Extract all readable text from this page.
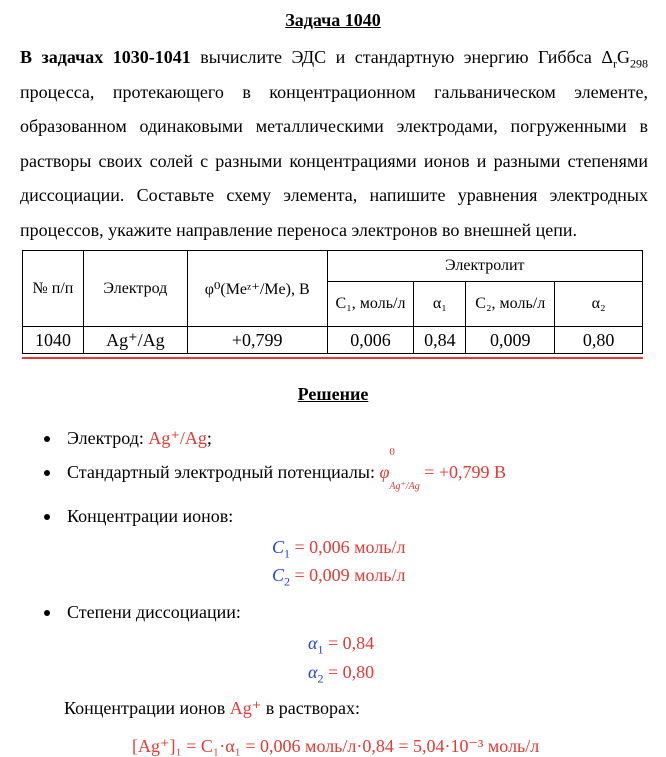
Задача 1040
В задачах 1030-1041 вычислите ЭДС и стандартную энергию Гиббса $\Delta_rG_{298}$ процесса, протекающего в концентрационном гальваническом элементе, образованном одинаковыми металлическими электродами, погруженными в растворы своих солей с разными концентрациями ионов и разными степенями диссоциации. Составьте схему элемента, напишите уравнения электродных процессов, укажите направление переноса электронов во внешней цепи.
№ п/п	Электрод	φ⁰(Meᶻ⁺/Me), В	Электролит			
			C₁, моль/л	α₁	C₂, моль/л	α₂
1040	Ag⁺/Ag	+0,799	0,006	0,84	0,009	0,80
Решение
Электрод: Ag⁺/Ag;
Стандартный электродный потенциалы: φ
0
$_{Ag^+/Ag}$ = +0,799 В
Концентрации ионов:
$C_1 = 0,006$ моль/л
$C_2 = 0,009$ моль/л
Степени диссоциации:
$\alpha_1 = 0,84$
$\alpha_2 = 0,80$
Концентрации ионов Ag⁺ в растворах:
[Ag⁺]₁ = C₁·α₁ = 0,006 моль/л·0,84 = 5,04·10⁻³ моль/л
